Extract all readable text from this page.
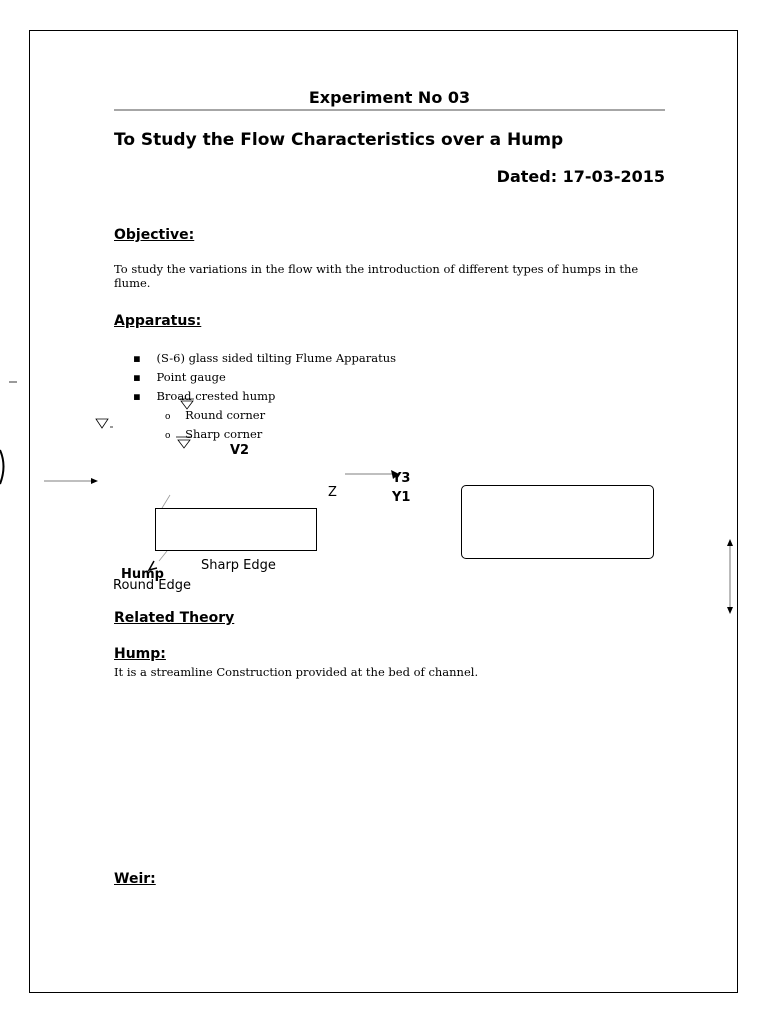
Experiment No 03
To Study the Flow Characteristics over a Hump
Dated: 17-03-2015
Objective:
To study the variations in the flow with the introduction of different types of humps in the flume.
Apparatus:
▪ (S-6) glass sided tilting Flume Apparatus
▪ Point gauge
▪ Broad crested hump
o Round corner
o Sharp corner
V2
Z
Y3
Y1
Sharp Edge
Hump
Round Edge
Related Theory
Hump:
It is a streamline Construction provided at the bed of channel.
Weir:
